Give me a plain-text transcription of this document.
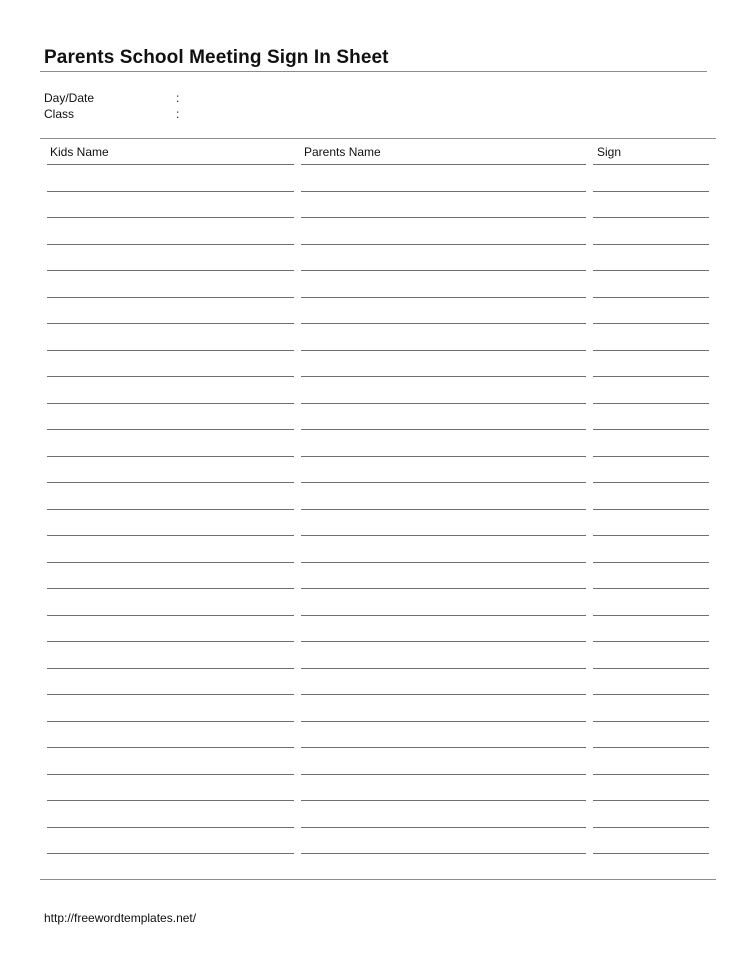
Parents School Meeting Sign In Sheet
Day/Date	:
Class	:
Kids Name	Parents Name	Sign
http://freewordtemplates.net/
